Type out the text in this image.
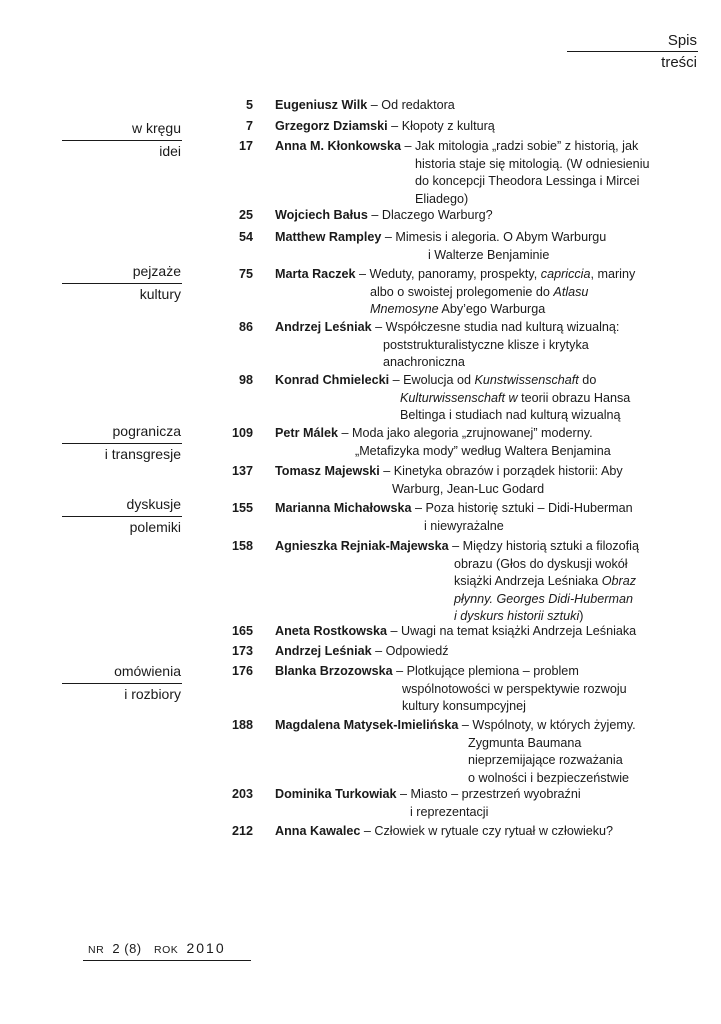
Spis
treści
w kręgu
idei
pejzaże
kultury
pogranicza
i transgresje
dyskusje
polemiki
omówienia
i rozbiory
5 Eugeniusz Wilk – Od redaktora
7 Grzegorz Dziamski – Kłopoty z kulturą
17 Anna M. Kłonkowska – Jak mitologia „radzi sobie” z historią, jak
historia staje się mitologią. (W odniesieniu
do koncepcji Theodora Lessinga i Mircei
Eliadego)
25 Wojciech Bałus – Dlaczego Warburg?
54 Matthew Rampley – Mimesis i alegoria. O Abym Warburgu
i Walterze Benjaminie
75 Marta Raczek – Weduty, panoramy, prospekty, capriccia, mariny
albo o swoistej prolegomenie do Atlasu
Mnemosyne Aby’ego Warburga
86 Andrzej Leśniak – Współczesne studia nad kulturą wizualną:
poststrukturalistyczne klisze i krytyka
anachroniczna
98 Konrad Chmielecki – Ewolucja od Kunstwissenschaft do
Kulturwissenschaft w teorii obrazu Hansa
Beltinga i studiach nad kulturą wizualną
109 Petr Málek – Moda jako alegoria „zrujnowanej” moderny.
„Metafizyka mody” według Waltera Benjamina
137 Tomasz Majewski – Kinetyka obrazów i porządek historii: Aby
Warburg, Jean-Luc Godard
155 Marianna Michałowska – Poza historię sztuki – Didi-Huberman
i niewyrażalne
158 Agnieszka Rejniak-Majewska – Między historią sztuki a filozofią
obrazu (Głos do dyskusji wokół
książki Andrzeja Leśniaka Obraz
płynny. Georges Didi-Huberman
i dyskurs historii sztuki)
165 Aneta Rostkowska – Uwagi na temat książki Andrzeja Leśniaka
173 Andrzej Leśniak – Odpowiedź
176 Blanka Brzozowska – Plotkujące plemiona – problem
wspólnotowości w perspektywie rozwoju
kultury konsumpcyjnej
188 Magdalena Matysek-Imielińska – Wspólnoty, w których żyjemy.
Zygmunta Baumana
nieprzemijające rozważania
o wolności i bezpieczeństwie
203 Dominika Turkowiak – Miasto – przestrzeń wyobraźni
i reprezentacji
212 Anna Kawalec – Człowiek w rytuale czy rytuał w człowieku?
NR 2 (8) ROK 2010
